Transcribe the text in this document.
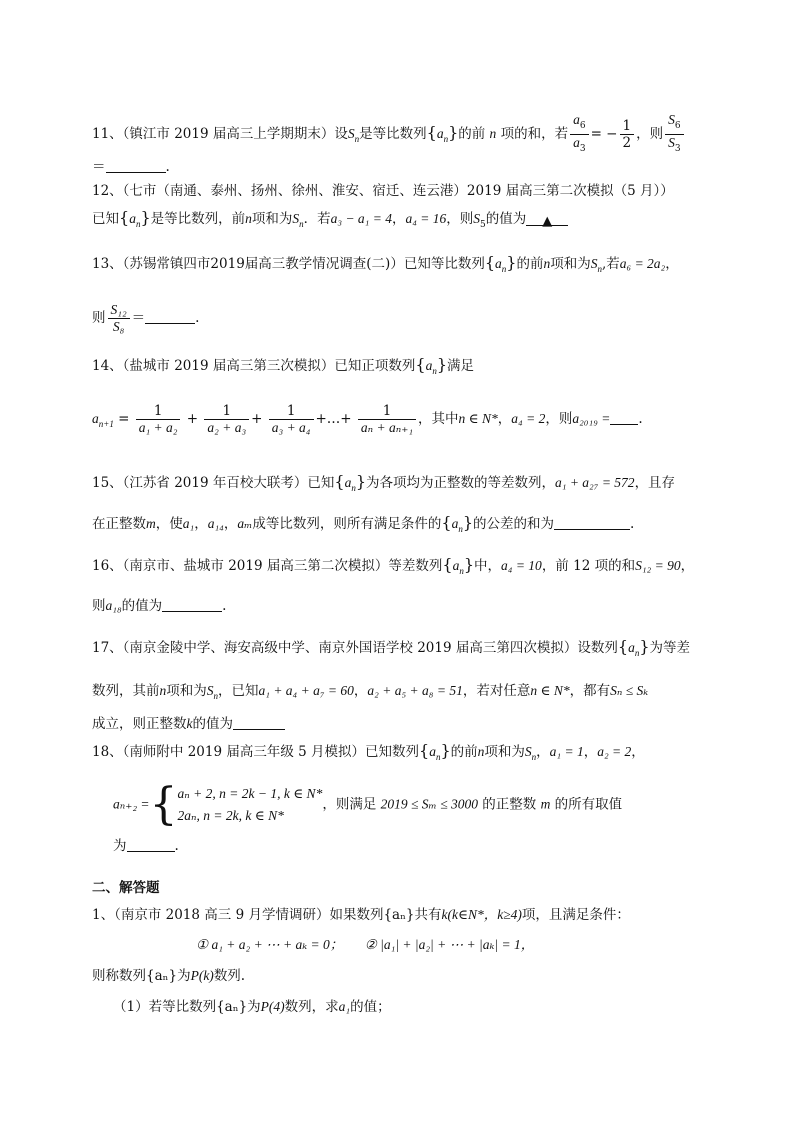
11、（镇江市 2019 届高三上学期期末）设$S_n$是等比数列$\{a_n\}$的前 n 项的和，若 $\frac{a_6}{a_3}$ = − $\frac{1}{2}$ ，则 $\frac{S_6}{S_3}$
＝	.
12、（七市（南通、泰州、扬州、徐州、淮安、宿迁、连云港）2019 届高三第二次模拟（5 月））
已知$\{a_n\}$是等比数列，前n项和为$S_n$．若a₃ − a₁ = 4，a₄ = 16，则$S_5$的值为 ▲
13、（苏锡常镇四市2019届高三教学情况调查(二)）已知等比数列$\{a_n\}$的前n项和为$S_n$,若a₆ = 2a₂，
则 $\frac{\text{S₁₂}}{\text{S₈}}$ ＝	.
14、（盐城市 2019 届高三第三次模拟）已知正项数列$\{a_n\}$满足
$a_{n+1} = \frac{1}{\text{a₁ + a₂}} + \frac{1}{\text{a₂ + a₃}} + \frac{1}{\text{a₃ + a₄}}$ +…+ $\frac{1}{\text{aₙ + aₙ₊₁}}$ ，其中n ∈ N*，a₄ = 2，则a₂₀₁₉ = .
15、（江苏省 2019 年百校大联考）已知$\{a_n\}$为各项均为正整数的等差数列，a₁ + a₂₇ = 572，且存
在正整数m，使a₁，a₁₄，aₘ成等比数列，则所有满足条件的$\{a_n\}$的公差的和为	.
16、（南京市、盐城市 2019 届高三第二次模拟）等差数列$\{a_n\}$中，a₄ = 10，前 12 项的和S₁₂ = 90，
则a₁₈的值为	.
17、（南京金陵中学、海安高级中学、南京外国语学校 2019 届高三第四次模拟）设数列$\{a_n\}$为等差
数列，其前n项和为$S_n$，已知a₁ + a₄ + a₇ = 60，a₂ + a₅ + a₈ = 51，若对任意n ∈ N*，都有Sₙ ≤ Sₖ
成立，则正整数k的值为
18、（南师附中 2019 届高三年级 5 月模拟）已知数列$\{a_n\}$的前n项和为$S_n$，a₁ = 1，a₂ = 2，
aₙ₊₂ ={ aₙ + 2, n = 2k − 1, k ∈ N*
2aₙ, n = 2k, k ∈ N*
，则满足 2019 ≤ Sₘ ≤ 3000 的正整数 m 的所有取值
为	.
二、解答题
1、（南京市 2018 高三 9 月学情调研）如果数列{aₙ}共有k(k∈N*，k≥4)项，且满足条件：
① a₁ + a₂ + ⋯ + aₖ = 0； ② |a₁| + |a₂| + ⋯ + |aₖ| = 1，
则称数列{aₙ}为P(k)数列.
（1）若等比数列{aₙ}为P(4)数列，求a₁的值；
